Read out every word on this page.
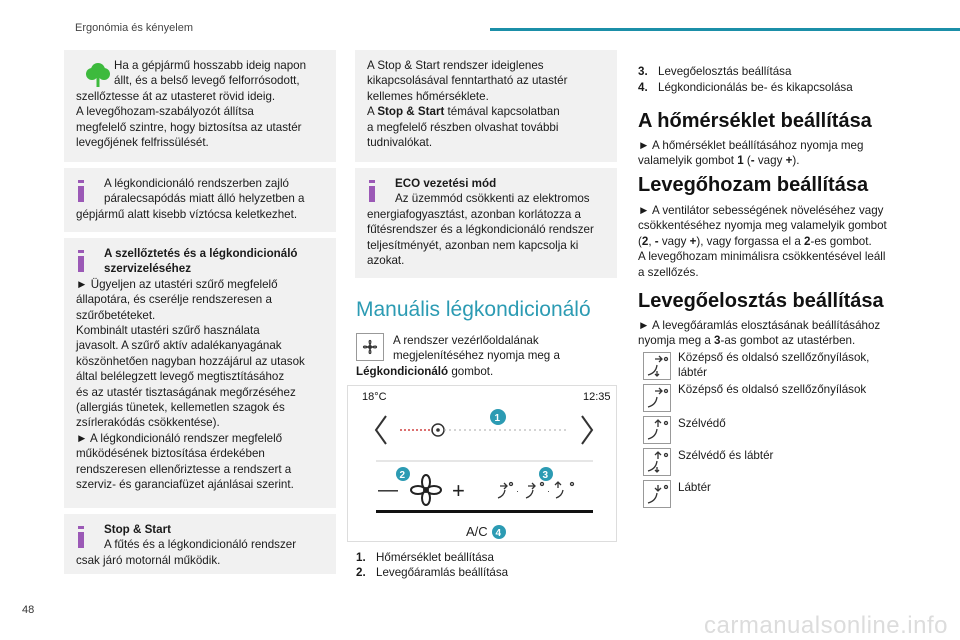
Ergonómia és kényelem

Ha a gépjármű hosszabb ideig napon

állt, és a belső levegő felforrósodott,

szellőztesse át az utasteret rövid ideig.

A levegőhozam-szabályozót állítsa

megfelelő szintre, hogy biztosítsa az utastér

levegőjének felfrissülését.

A légkondicionáló rendszerben zajló

páralecsapódás miatt álló helyzetben a

gépjármű alatt kisebb víztócsa keletkezhet.

A szellőztetés és a légkondicionáló

szervizeléséhez

► Ügyeljen az utastéri szűrő megfelelő

állapotára, és cserélje rendszeresen a

szűrőbetéteket.

Kombinált utastéri szűrő használata

javasolt. A szűrő aktív adalékanyagának

köszönhetően nagyban hozzájárul az utasok

által belélegzett levegő megtisztításához

és az utastér tisztaságának megőrzéséhez

(allergiás tünetek, kellemetlen szagok és

zsírlerakódás csökkentése).

► A légkondicionáló rendszer megfelelő

működésének biztosítása érdekében

rendszeresen ellenőriztesse a rendszert a

szerviz- és garanciafüzet ajánlásai szerint.

Stop & Start

A fűtés és a légkondicionáló rendszer

csak járó motornál működik.

A Stop & Start rendszer ideiglenes

kikapcsolásával fenntartható az utastér

kellemes hőmérséklete.

A Stop & Start témával kapcsolatban

a megfelelő részben olvashat további

tudnivalókat.

ECO vezetési mód

Az üzemmód csökkenti az elektromos

energiafogyasztást, azonban korlátozza a

fűtésrendszer és a légkondicionáló rendszer

teljesítményét, azonban nem kapcsolja ki

azokat.

Manuális légkondicionáló

A rendszer vezérlőoldalának

megjelenítéséhez nyomja meg a

Légkondicionáló gombot.

18°C	12:35
1
—
2
+
3
·	·
A/C 4
1. Hőmérséklet beállítása
2. Levegőáramlás beállítása
3. Levegőelosztás beállítása
4. Légkondicionálás be- és kikapcsolása
A hőmérséklet beállítása

► A hőmérséklet beállításához nyomja meg

valamelyik gombot 1 (- vagy +).

Levegőhozam beállítása

► A ventilátor sebességének növeléséhez vagy

csökkentéséhez nyomja meg valamelyik gombot

(2, - vagy +), vagy forgassa el a 2-es gombot.

A levegőhozam minimálisra csökkentésével leáll

a szellőzés.

Levegőelosztás beállítása

► A levegőáramlás elosztásának beállításához

nyomja meg a 3-as gombot az utastérben.

Középső és oldalsó szellőzőnyílások,

lábtér

Középső és oldalsó szellőzőnyílások

Szélvédő

Szélvédő és lábtér

Lábtér

48
carmanualsonline.info
